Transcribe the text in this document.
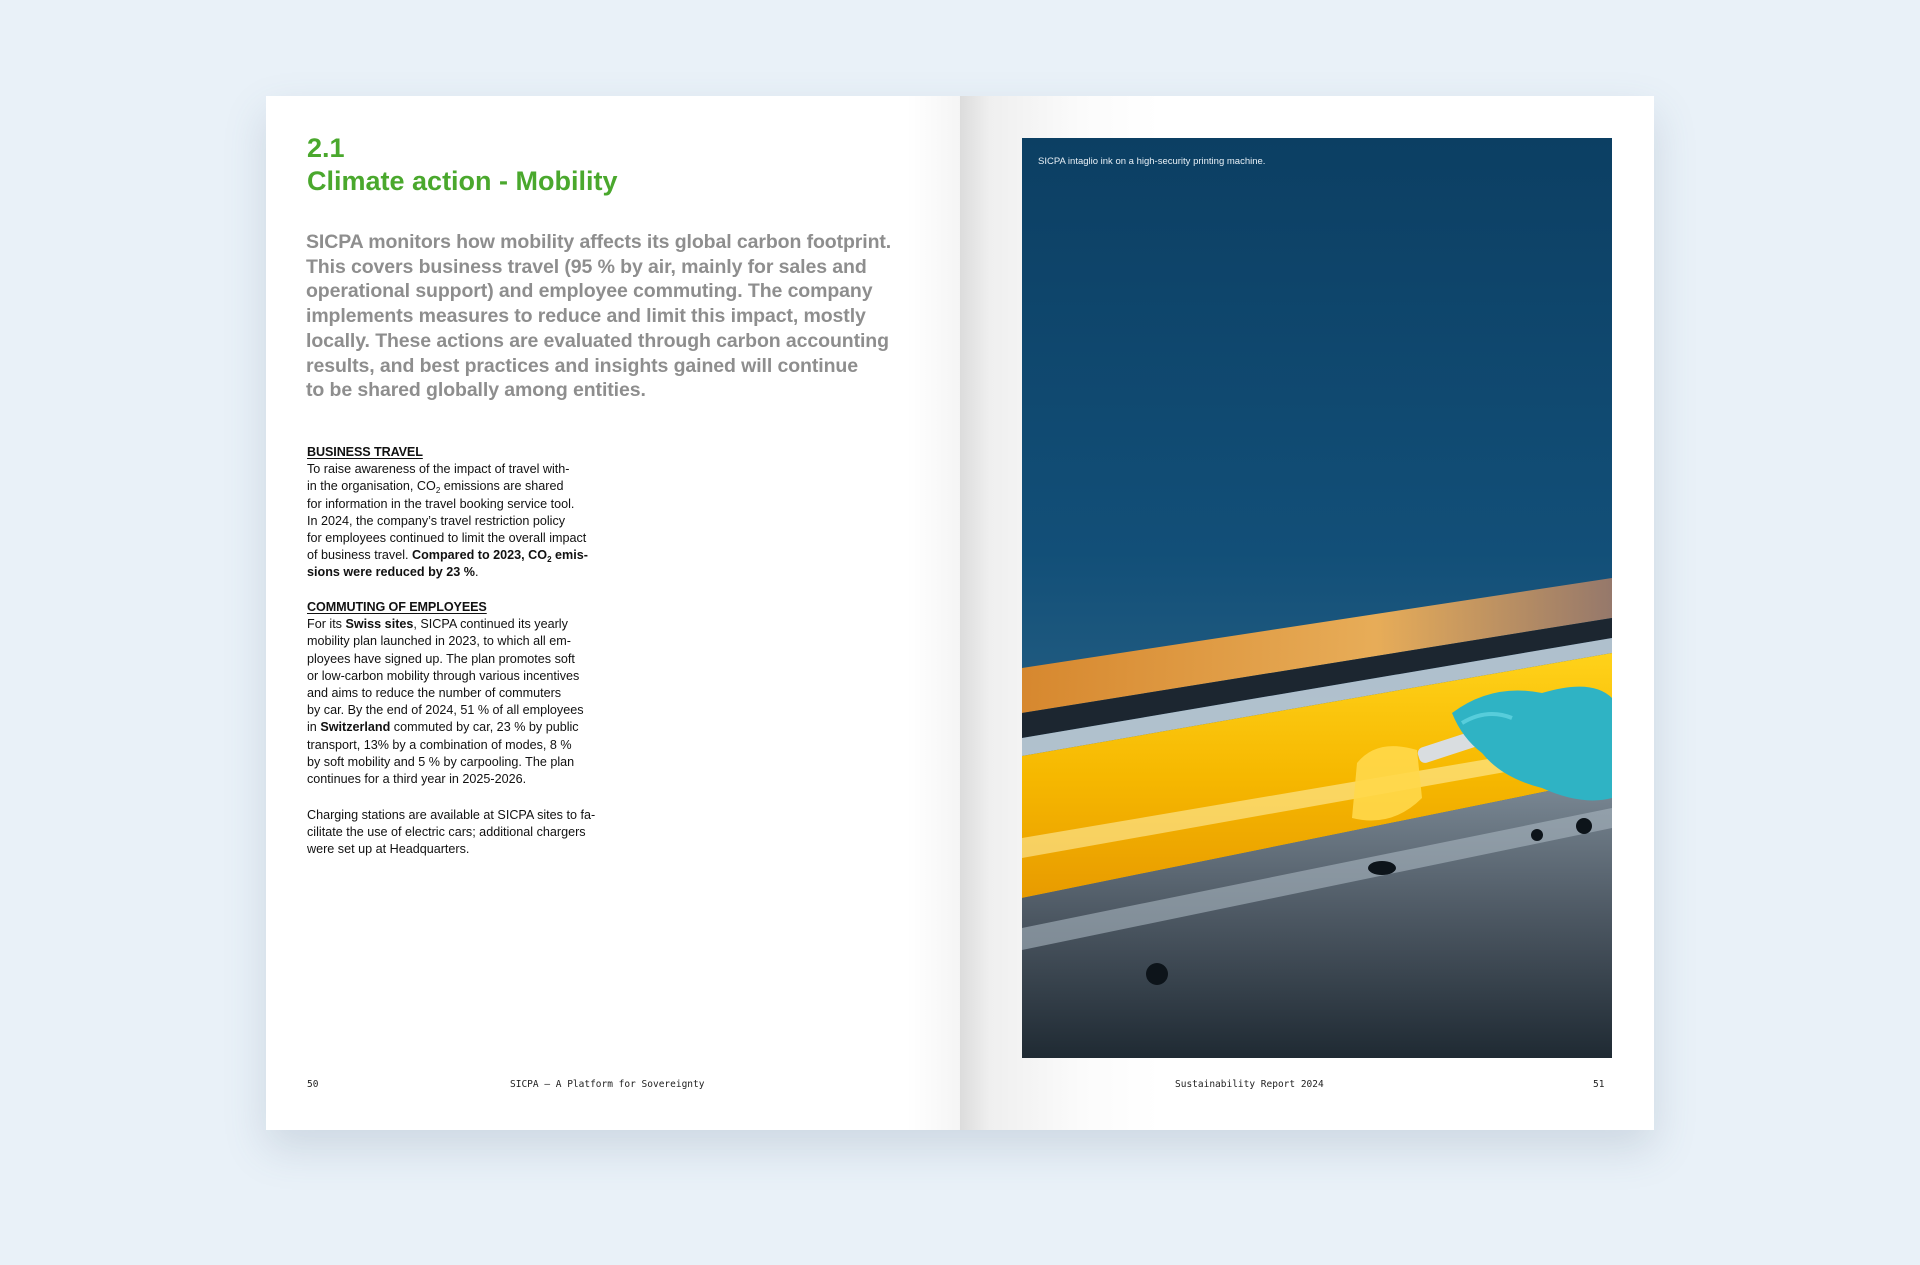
2.1
Climate action - Mobility
SICPA monitors how mobility affects its global carbon footprint.
This covers business travel (95 % by air, mainly for sales and
operational support) and employee commuting. The company
implements measures to reduce and limit this impact, mostly
locally. These actions are evaluated through carbon accounting
results, and best practices and insights gained will continue
to be shared globally among entities.
BUSINESS TRAVEL
To raise awareness of the impact of travel with-
in the organisation, $CO_2$ emissions are shared
for information in the travel booking service tool.
In 2024, the company’s travel restriction policy
for employees continued to limit the overall impact
of business travel. Compared to 2023, $CO_2$ emis-
sions were reduced by 23 %.
COMMUTING OF EMPLOYEES
For its Swiss sites, SICPA continued its yearly
mobility plan launched in 2023, to which all em-
ployees have signed up. The plan promotes soft
or low-carbon mobility through various incentives
and aims to reduce the number of commuters
by car. By the end of 2024, 51 % of all employees
in Switzerland commuted by car, 23 % by public
transport, 13% by a combination of modes, 8 %
by soft mobility and 5 % by carpooling. The plan
continues for a third year in 2025-2026.
Charging stations are available at SICPA sites to fa-
cilitate the use of electric cars; additional chargers
were set up at Headquarters.
50	SICPA — A Platform for Sovereignty
SICPA intaglio ink on a high-security printing machine.
Sustainability Report 2024	51
